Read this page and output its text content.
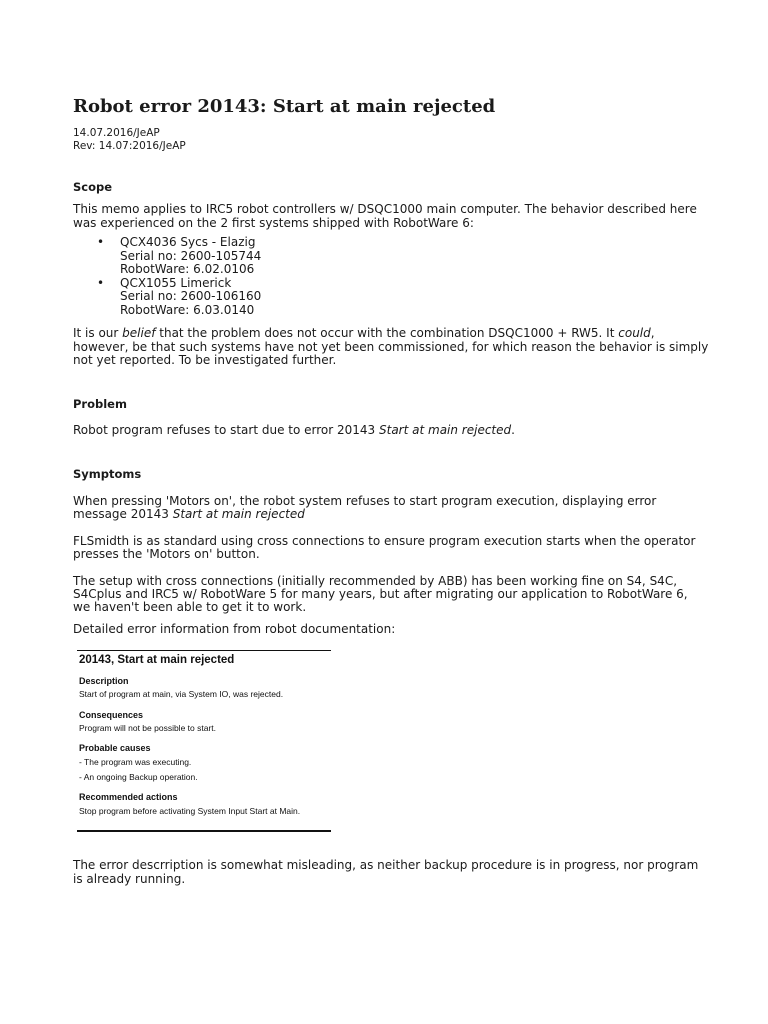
Robot error 20143: Start at main rejected
14.07.2016/JeAP
Rev: 14.07:2016/JeAP
Scope

This memo applies to IRC5 robot controllers w/ DSQC1000 main computer. The behavior described here

was experienced on the 2 first systems shipped with RobotWare 6:

• QCX4036 Sycs - Elazig
Serial no: 2600-105744
RobotWare: 6.02.0106
• QCX1055 Limerick
Serial no: 2600-106160
RobotWare: 6.03.0140

It is our belief that the problem does not occur with the combination DSQC1000 + RW5. It could,

however, be that such systems have not yet been commissioned, for which reason the behavior is simply

not yet reported. To be investigated further.

Problem

Robot program refuses to start due to error 20143 Start at main rejected.

Symptoms

When pressing 'Motors on', the robot system refuses to start program execution, displaying error

message 20143 Start at main rejected

FLSmidth is as standard using cross connections to ensure program execution starts when the operator

presses the 'Motors on' button.

The setup with cross connections (initially recommended by ABB) has been working fine on S4, S4C,

S4Cplus and IRC5 w/ RobotWare 5 for many years, but after migrating our application to RobotWare 6,

we haven't been able to get it to work.

Detailed error information from robot documentation:

The error descrription is somewhat misleading, as neither backup procedure is in progress, nor program

is already running.

20143, Start at main rejected
Description
Start of program at main, via System IO, was rejected.
Consequences
Program will not be possible to start.
Probable causes
- The program was executing.
- An ongoing Backup operation.
Recommended actions
Stop program before activating System Input Start at Main.
